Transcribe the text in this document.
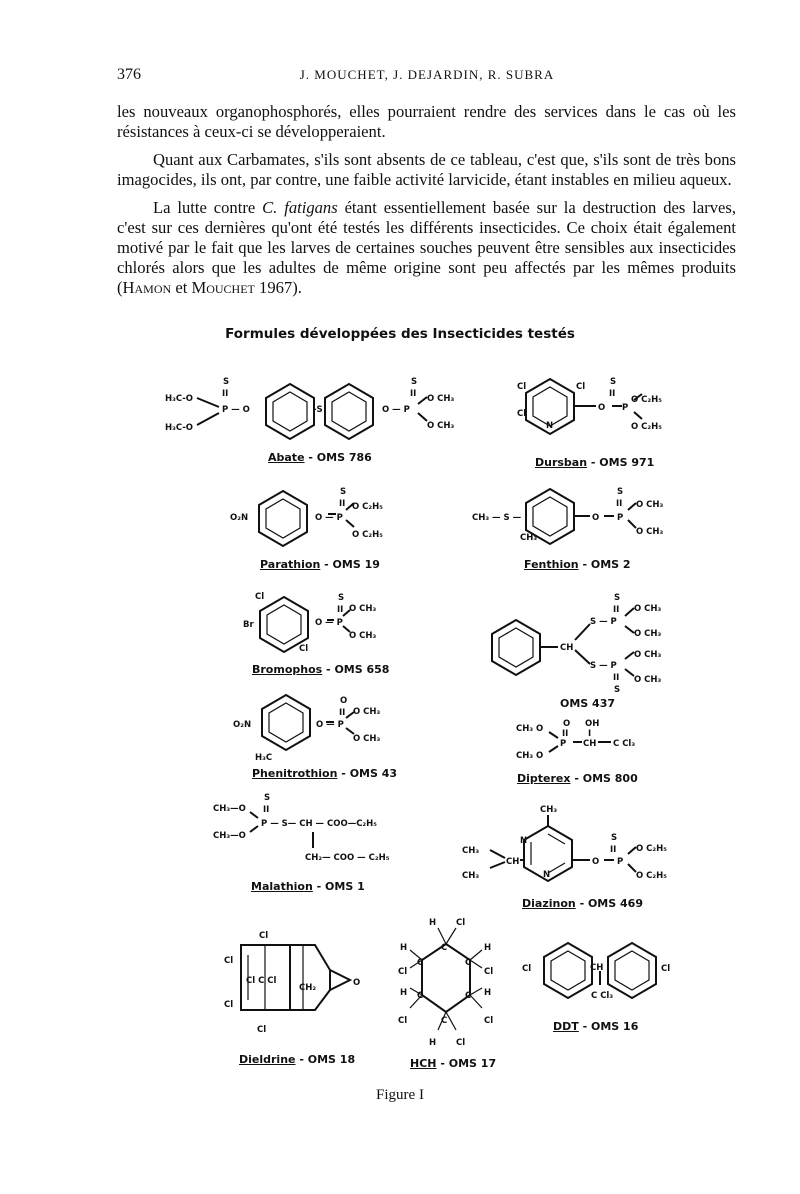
376	J. MOUCHET, J. DEJARDIN, R. SUBRA

les nouveaux organophosphorés, elles pourraient rendre des services dans le cas où les résistances à ceux-ci se développeraient.

Quant aux Carbamates, s'ils sont absents de ce tableau, c'est que, s'ils sont de très bons imagocides, ils ont, par contre, une faible activité larvicide, étant instables en milieu aqueux.

La lutte contre C. fatigans étant essentiellement basée sur la destruction des larves, c'est sur ces dernières qu'ont été testés les différents insecticides. Ce choix était également motivé par le fait que les larves de certaines souches peuvent être sensibles aux insecticides chlorés alors que les adultes de même origine sont peu affectés par les mêmes produits (Hamon et Mouchet 1967).

Formules développées des Insecticides testés
H₃C-O
H₃C-O
S
II
P — O	-S	O — P
S
II O CH₃
O CH₃
Cl	Cl
Cl
N
O
S
II
P
O C₂H₅
O C₂H₅
O₂N	O — P
S
II O C₂H₅
O C₂H₅
CH₃ — S —
CH₃
O P
S
II O CH₃
O CH₃
Cl
Br
Cl
O — P
S
II O CH₃
O CH₃
CH
S — P
S — P
S
II O CH₃
O CH₃
O CH₃
O CH₃
II
S
O₂N
H₃C
O — P
O
II O CH₃
O CH₃
CH₃ O
CH₃ O
O
II
P
OH
I
CH C Cl₃
CH₃—O
CH₃—O
S
II
P — S— CH — COO—C₂H₅
CH₂— COO — C₂H₅
CH₃
N
N
CH₃
CH₃
CH	O P
S
II O C₂H₅
O C₂H₅
Cl
Cl
Cl
Cl
Cl C Cl
CH₂	O
H Cl
C	H
Cl
C
C H
Cl
C
H Cl
C
H
Cl
C
H
Cl	Cl	CH	Cl
C Cl₃
Abate - OMS 786	Dursban - OMS 971
Parathion - OMS 19	Fenthion - OMS 2
Bromophos - OMS 658
OMS 437
Phenitrothion - OMS 43	Dipterex - OMS 800
Malathion - OMS 1
Diazinon - OMS 469
Dieldrine - OMS 18	HCH - OMS 17
DDT - OMS 16
Figure I
